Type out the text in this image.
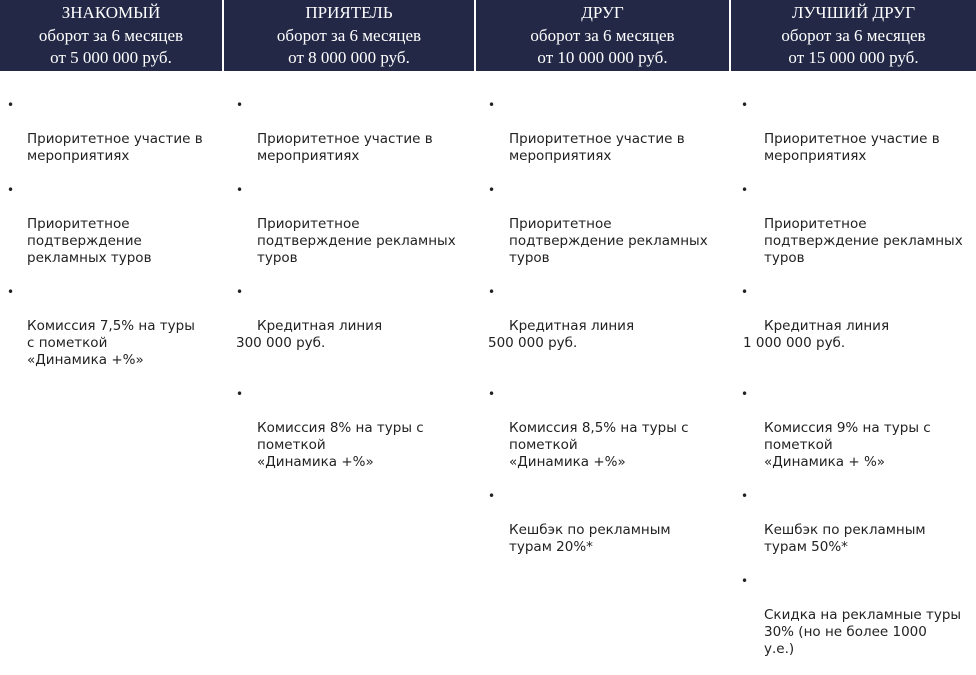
ЗНАКОМЫЙ
оборот за 6 месяцев
от 5 000 000 руб.

•

Приоритетное участие в
мероприятиях

•

Приоритетное
подтверждение
рекламных туров

•

Комиссия 7,5% на туры
с пометкой
«Динамика +%»

ПРИЯТЕЛЬ
оборот за 6 месяцев
от 8 000 000 руб.

•

Приоритетное участие в
мероприятиях

•

Приоритетное
подтверждение рекламных
туров

•

Кредитная линия

300 000 руб.

•

Комиссия 8% на туры с
пометкой
«Динамика +%»

ДРУГ
оборот за 6 месяцев
от 10 000 000 руб.

•

Приоритетное участие в
мероприятиях

•

Приоритетное
подтверждение рекламных
туров

•

Кредитная линия

500 000 руб.

•

Комиссия 8,5% на туры с
пометкой
«Динамика +%»

•

Кешбэк по рекламным
турам 20%*

ЛУЧШИЙ ДРУГ
оборот за 6 месяцев
от 15 000 000 руб.

•

Приоритетное участие в
мероприятиях

•

Приоритетное
подтверждение рекламных
туров

•

Кредитная линия

1 000 000 руб.

•

Комиссия 9% на туры с
пометкой
«Динамика + %»

•

Кешбэк по рекламным
турам 50%*

•

Скидка на рекламные туры
30% (но не более 1000
у.е.)
